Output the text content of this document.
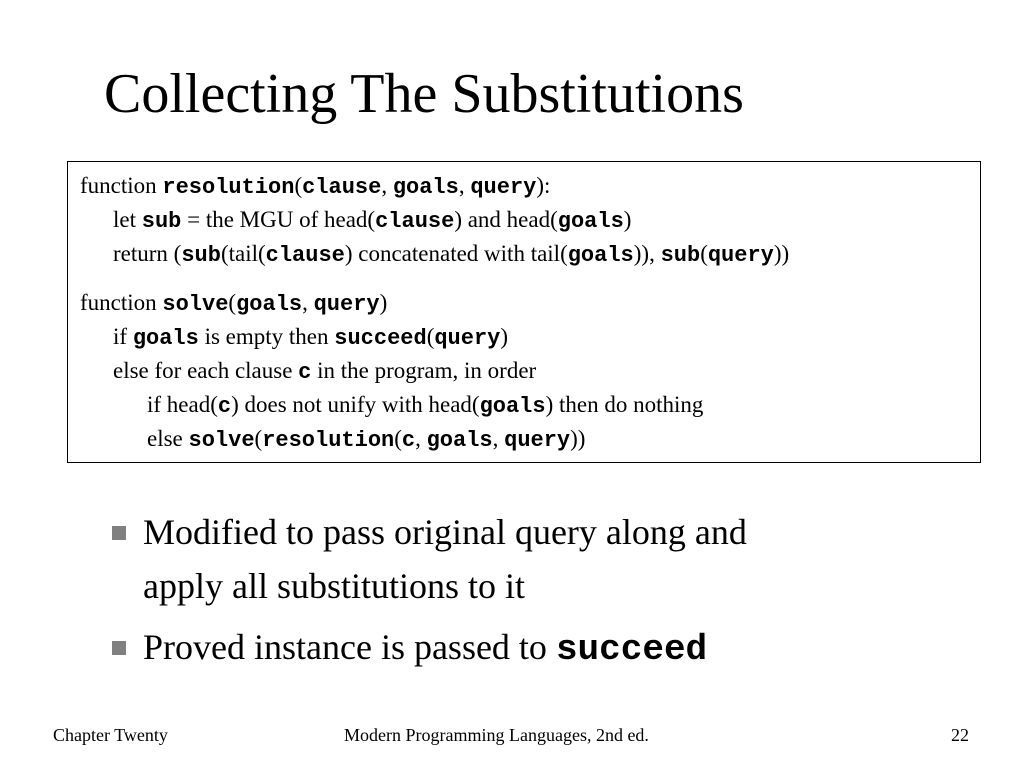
Collecting The Substitutions
function resolution(clause, goals, query):
let sub = the MGU of head(clause) and head(goals)
return (sub(tail(clause) concatenated with tail(goals)), sub(query))
function solve(goals, query)
if goals is empty then succeed(query)
else for each clause c in the program, in order
if head(c) does not unify with head(goals) then do nothing
else solve(resolution(c, goals, query))
Modified to pass original query along and
apply all substitutions to it
Proved instance is passed to succeed
Chapter Twenty	Modern Programming Languages, 2nd ed.	22
